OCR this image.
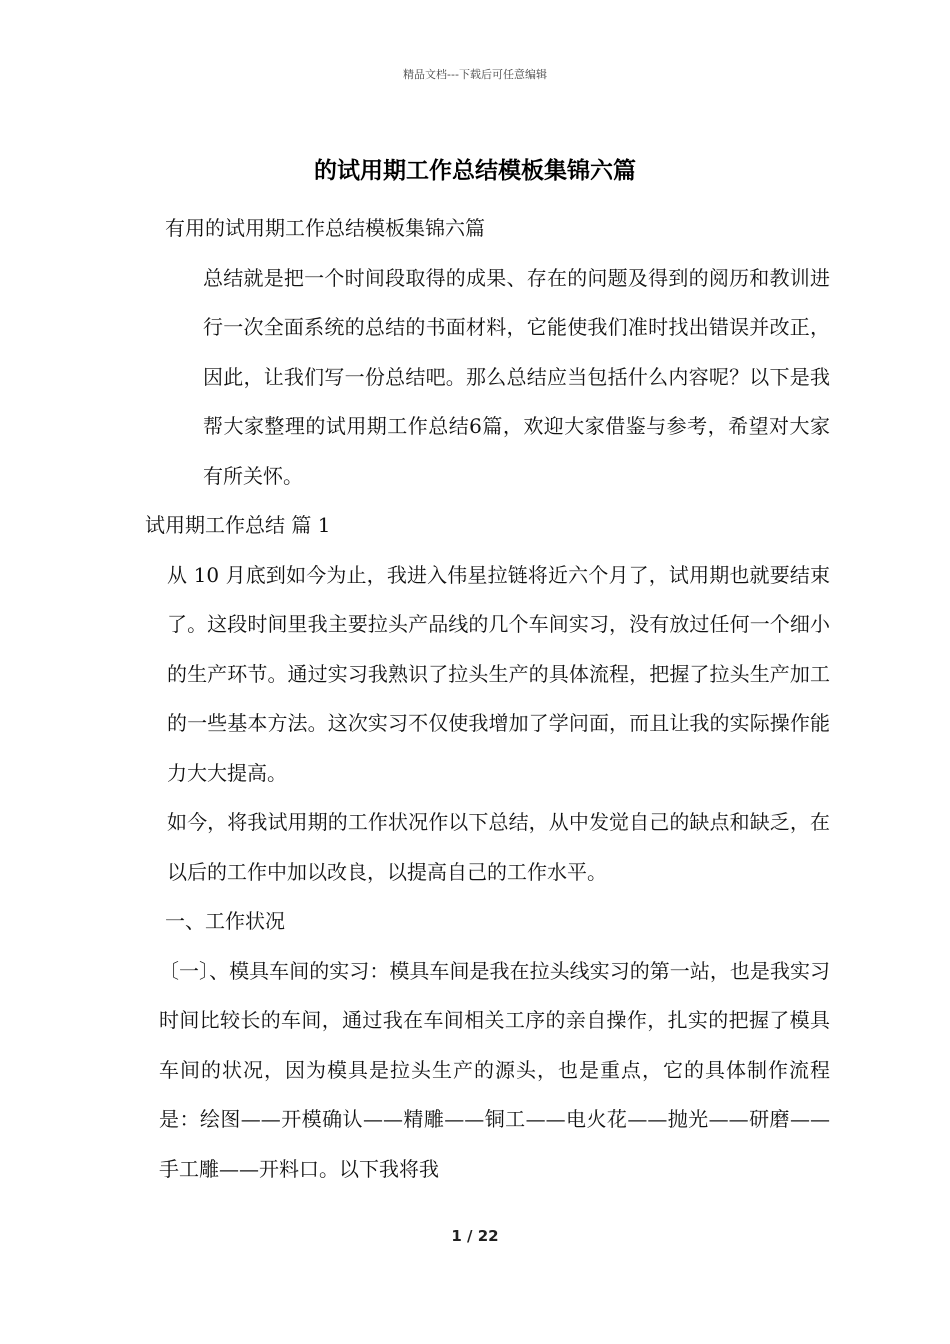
精品文档---下载后可任意编辑
的试用期工作总结模板集锦六篇

有用的试用期工作总结模板集锦六篇

总结就是把一个时间段取得的成果、存在的问题及得到的阅历和教训进行一次全面系统的总结的书面材料，它能使我们准时找出错误并改正，因此，让我们写一份总结吧。那么总结应当包括什么内容呢？以下是我帮大家整理的试用期工作总结6篇，欢迎大家借鉴与参考，希望对大家有所关怀。

试用期工作总结 篇 1

从 10 月底到如今为止，我进入伟星拉链将近六个月了，试用期也就要结束了。这段时间里我主要拉头产品线的几个车间实习，没有放过任何一个细小的生产环节。通过实习我熟识了拉头生产的具体流程，把握了拉头生产加工的一些基本方法。这次实习不仅使我增加了学问面，而且让我的实际操作能力大大提高。

如今，将我试用期的工作状况作以下总结，从中发觉自己的缺点和缺乏，在以后的工作中加以改良，以提高自己的工作水平。

一、工作状况

〔一〕、模具车间的实习：模具车间是我在拉头线实习的第一站，也是我实习时间比较长的车间，通过我在车间相关工序的亲自操作，扎实的把握了模具车间的状况，因为模具是拉头生产的源头，也是重点，它的具体制作流程是：绘图——开模确认——精雕——铜工——电火花——抛光——研磨——手工雕——开料口。以下我将我

1 / 22
